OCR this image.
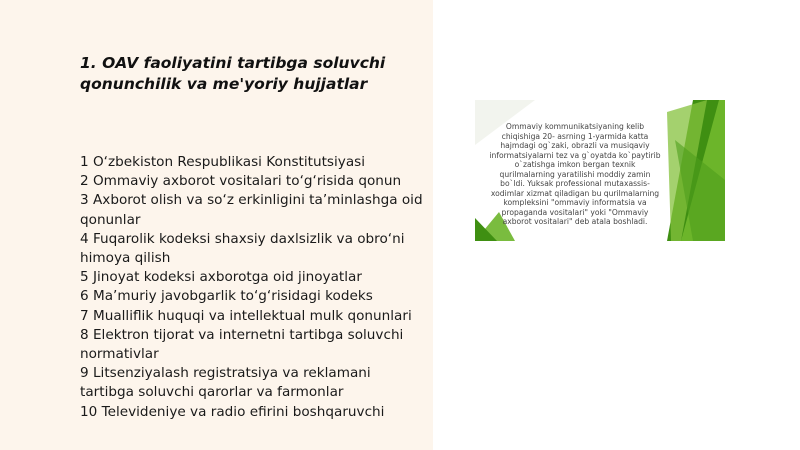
1. OAV faoliyatini tartibga soluvchi qonunchilik va me'yoriy hujjatlar
1 O‘zbekiston Respublikasi Konstitutsiyasi
2 Ommaviy axborot vositalari to‘g‘risida qonun
3 Axborot olish va so‘z erkinligini ta’minlashga oid qonunlar
4 Fuqarolik kodeksi shaxsiy daxlsizlik va obro‘ni himoya qilish
5 Jinoyat kodeksi axborotga oid jinoyatlar
6 Ma’muriy javobgarlik to‘g‘risidagi kodeks
7 Mualliflik huquqi va intellektual mulk qonunlari
8 Elektron tijorat va internetni tartibga soluvchi normativlar
9 Litsenziyalash registratsiya va reklamani tartibga soluvchi qarorlar va farmonlar
10 Televideniye va radio efirini boshqaruvchi

Ommaviy kommunikatsiyaning kelib chiqishiga 20- asrning 1-yarmida katta hajmdagi og`zaki, obrazli va musiqaviy informatsiyalarni tez va g`oyatda ko`paytirib o`zatishga imkon bergan texnik qurilmalarning yaratilishi moddiy zamin bo`ldi. Yuksak professional mutaxassis-xodimlar xizmat qiladigan bu qurilmalarning kompleksini "ommaviy informatsia va propaganda vositalari" yoki "Ommaviy axborot vositalari" deb atala boshladi.
